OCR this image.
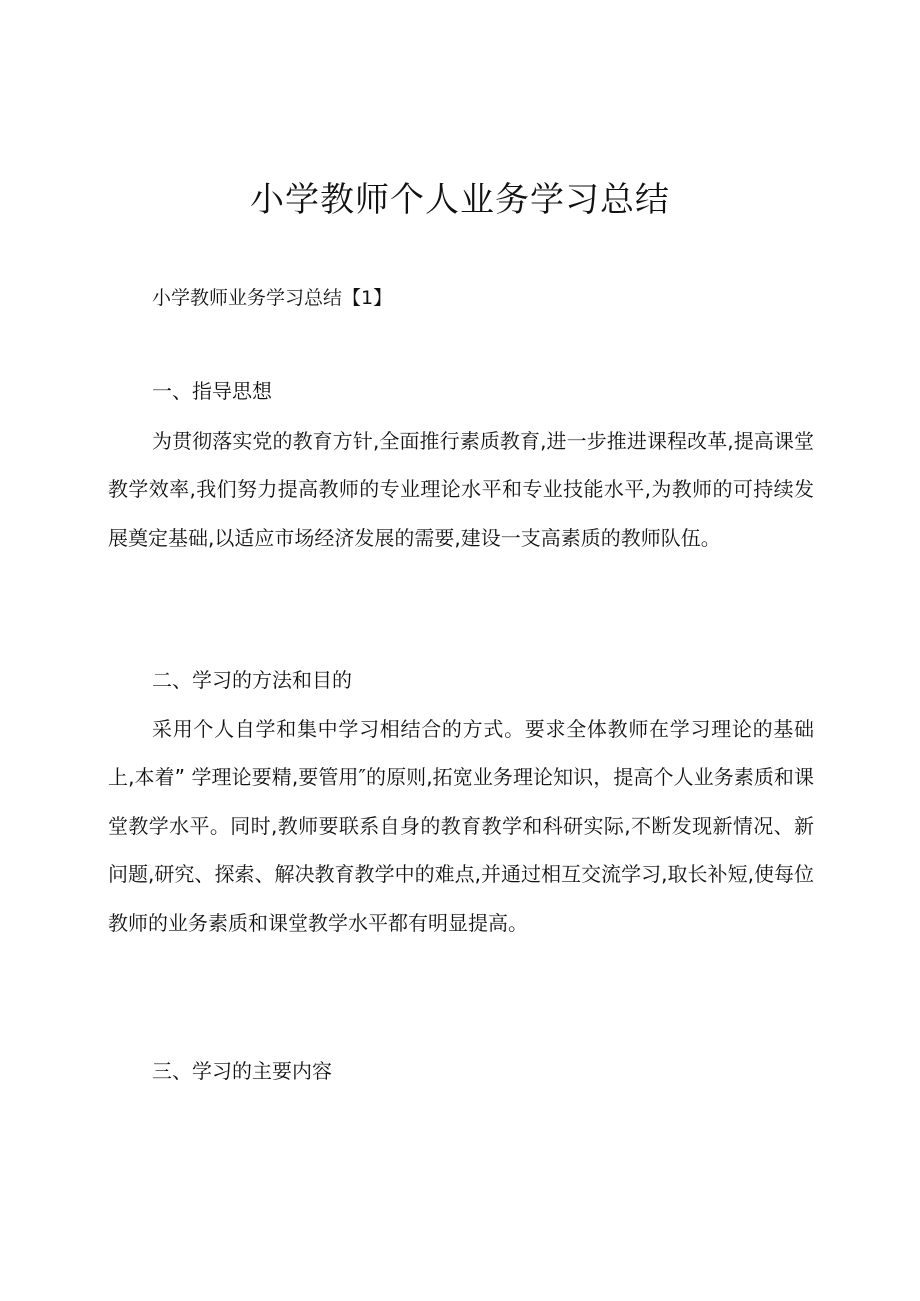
小学教师个人业务学习总结

小学教师业务学习总结【1】

一、指导思想

为贯彻落实党的教育方针,全面推行素质教育,进一步推进课程改革,提高课堂教学效率,我们努力提高教师的专业理论水平和专业技能水平,为教师的可持续发展奠定基础,以适应市场经济发展的需要,建设一支高素质的教师队伍。

二、学习的方法和目的

采用个人自学和集中学习相结合的方式。要求全体教师在学习理论的基础上,本着” 学理论要精,要管用″的原则,拓宽业务理论知识，提高个人业务素质和课堂教学水平。同时,教师要联系自身的教育教学和科研实际,不断发现新情况、新问题,研究、探索、解决教育教学中的难点,并通过相互交流学习,取长补短,使每位教师的业务素质和课堂教学水平都有明显提高。

三、学习的主要内容
